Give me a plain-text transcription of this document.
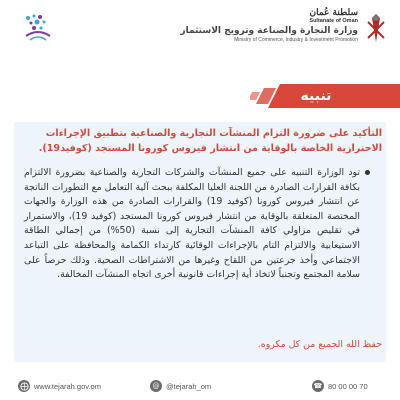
سلطنة عُمان
Sultanate of Oman
وزارة التجارة والصناعة وترويج الاستثمار
Ministry of Commerce, Industry & Investment Promotion
تنبيه
التأكيد على ضرورة التزام المنشآت التجارية والصناعية بتطبيق الإجراءات الاحترازية الخاصة بالوقاية من انتشار فيروس كورونا المستجد (كوفيد19).
تود الوزارة التنبيه على جميع المنشآت والشركات التجارية والصناعية بضرورة الالتزام بكافة القرارات الصادرة من اللجنة العليا المكلفة ببحث آلية التعامل مع التطورات الناتجة عن انتشار فيروس كورونا (كوفيد 19) والقرارات الصادرة من هذه الوزارة والجهات المختصة المتعلقة بالوقاية من انتشار فيروس كورونا المستجد (كوفيد 19)، والاستمرار في تقليص مزاولي كافة المنشآت التجارية إلى نسبة (50%) من إجمالي الطاقة الاستيعابية والالتزام التام بالإجراءات الوقائية كارتداء الكمامة والمحافظة على التباعد الاجتماعي وأخذ جرعتين من اللقاح وغيرها من الاشتراطات الصحية. وذلك حرصاً على سلامة المجتمع وتجنباً لاتخاذ أية إجراءات قانونية أخرى اتجاه المنشآت المخالفة.
حفظ الله الجميع من كل مكروه.
www.tejarah.gov.om	@ @tejarah_om	☎ 80 00 00 70
